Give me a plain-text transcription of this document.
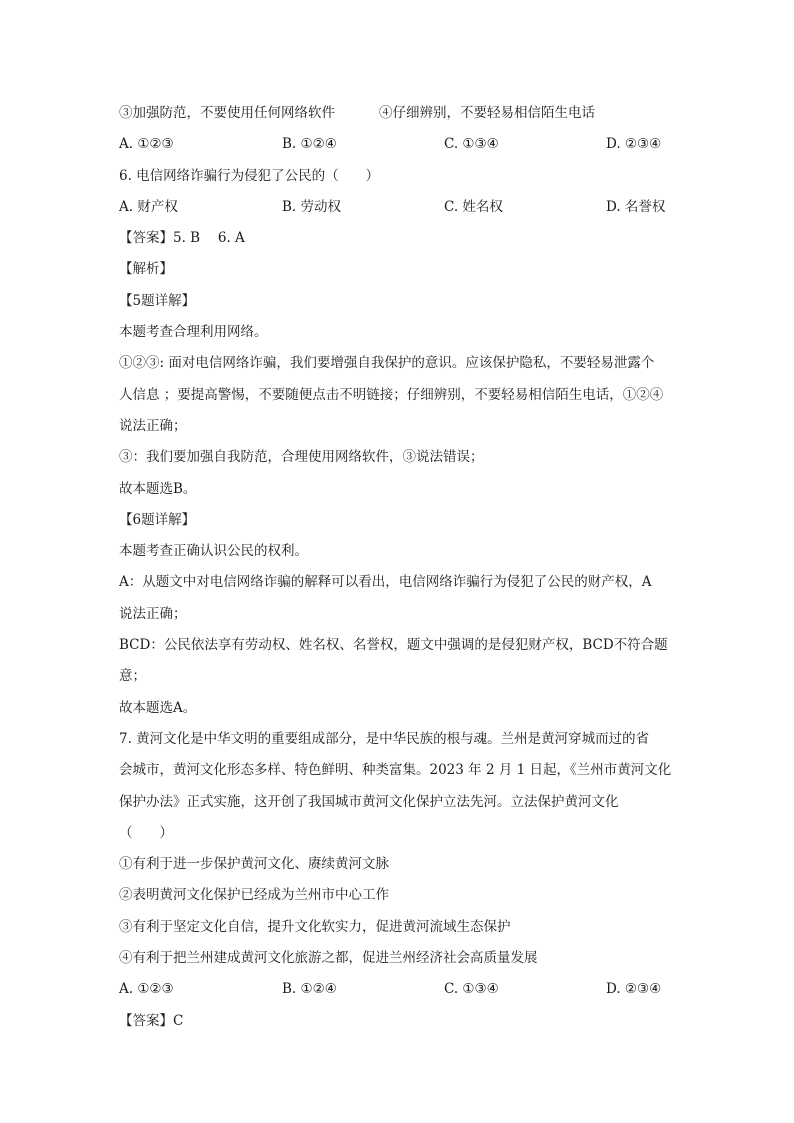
③加强防范，不要使用任何网络软件	④仔细辨别，不要轻易相信陌生电话
A. ①②③	B. ①②④	C. ①③④	D. ②③④
6. 电信网络诈骗行为侵犯了公民的（　　）
A. 财产权	B. 劳动权	C. 姓名权	D. 名誉权
【答案】5. B　 6. A
【解析】
【5题详解】
本题考查合理利用网络。
①②③: 面对电信网络诈骗，我们要增强自我保护的意识。应该保护隐私，不要轻易泄露个
人信息 ；要提高警惕，不要随便点击不明链接；仔细辨别，不要轻易相信陌生电话，①②④
说法正确；
③：我们要加强自我防范，合理使用网络软件，③说法错误；
故本题选B。
【6题详解】
本题考查正确认识公民的权利。
A：从题文中对电信网络诈骗的解释可以看出，电信网络诈骗行为侵犯了公民的财产权，A
说法正确；
BCD：公民依法享有劳动权、姓名权、名誉权，题文中强调的是侵犯财产权，BCD不符合题
意；
故本题选A。
7. 黄河文化是中华文明的重要组成部分，是中华民族的根与魂。兰州是黄河穿城而过的省
会城市，黄河文化形态多样、特色鲜明、种类富集。2023 年 2 月 1 日起，《兰州市黄河文化
保护办法》正式实施，这开创了我国城市黄河文化保护立法先河。立法保护黄河文化
（　　）
①有利于进一步保护黄河文化、赓续黄河文脉
②表明黄河文化保护已经成为兰州市中心工作
③有利于坚定文化自信，提升文化软实力，促进黄河流域生态保护
④有利于把兰州建成黄河文化旅游之都，促进兰州经济社会高质量发展
A. ①②③	B. ①②④	C. ①③④	D. ②③④
【答案】C
